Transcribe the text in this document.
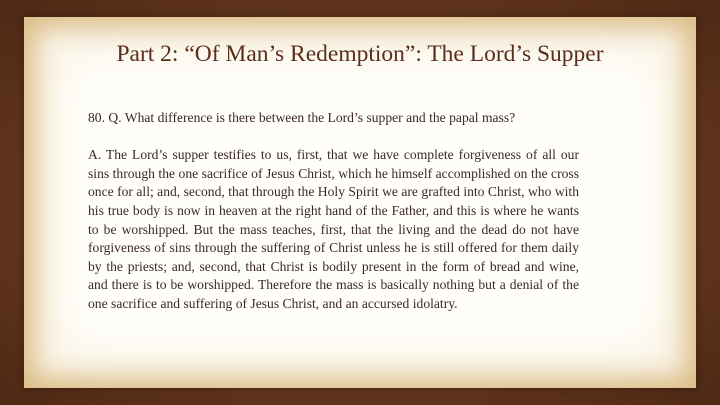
Part 2: “Of Man’s Redemption”: The Lord’s Supper

80. Q. What difference is there between the Lord’s supper and the papal mass?

A. The Lord’s supper testifies to us, first, that we have complete forgiveness of all our sins through the one sacrifice of Jesus Christ, which he himself accomplished on the cross once for all; and, second, that through the Holy Spirit we are grafted into Christ, who with his true body is now in heaven at the right hand of the Father, and this is where he wants to be worshipped. But the mass teaches, first, that the living and the dead do not have forgiveness of sins through the suffering of Christ unless he is still offered for them daily by the priests; and, second, that Christ is bodily present in the form of bread and wine, and there is to be worshipped. Therefore the mass is basically nothing but a denial of the one sacrifice and suffering of Jesus Christ, and an accursed idolatry.
